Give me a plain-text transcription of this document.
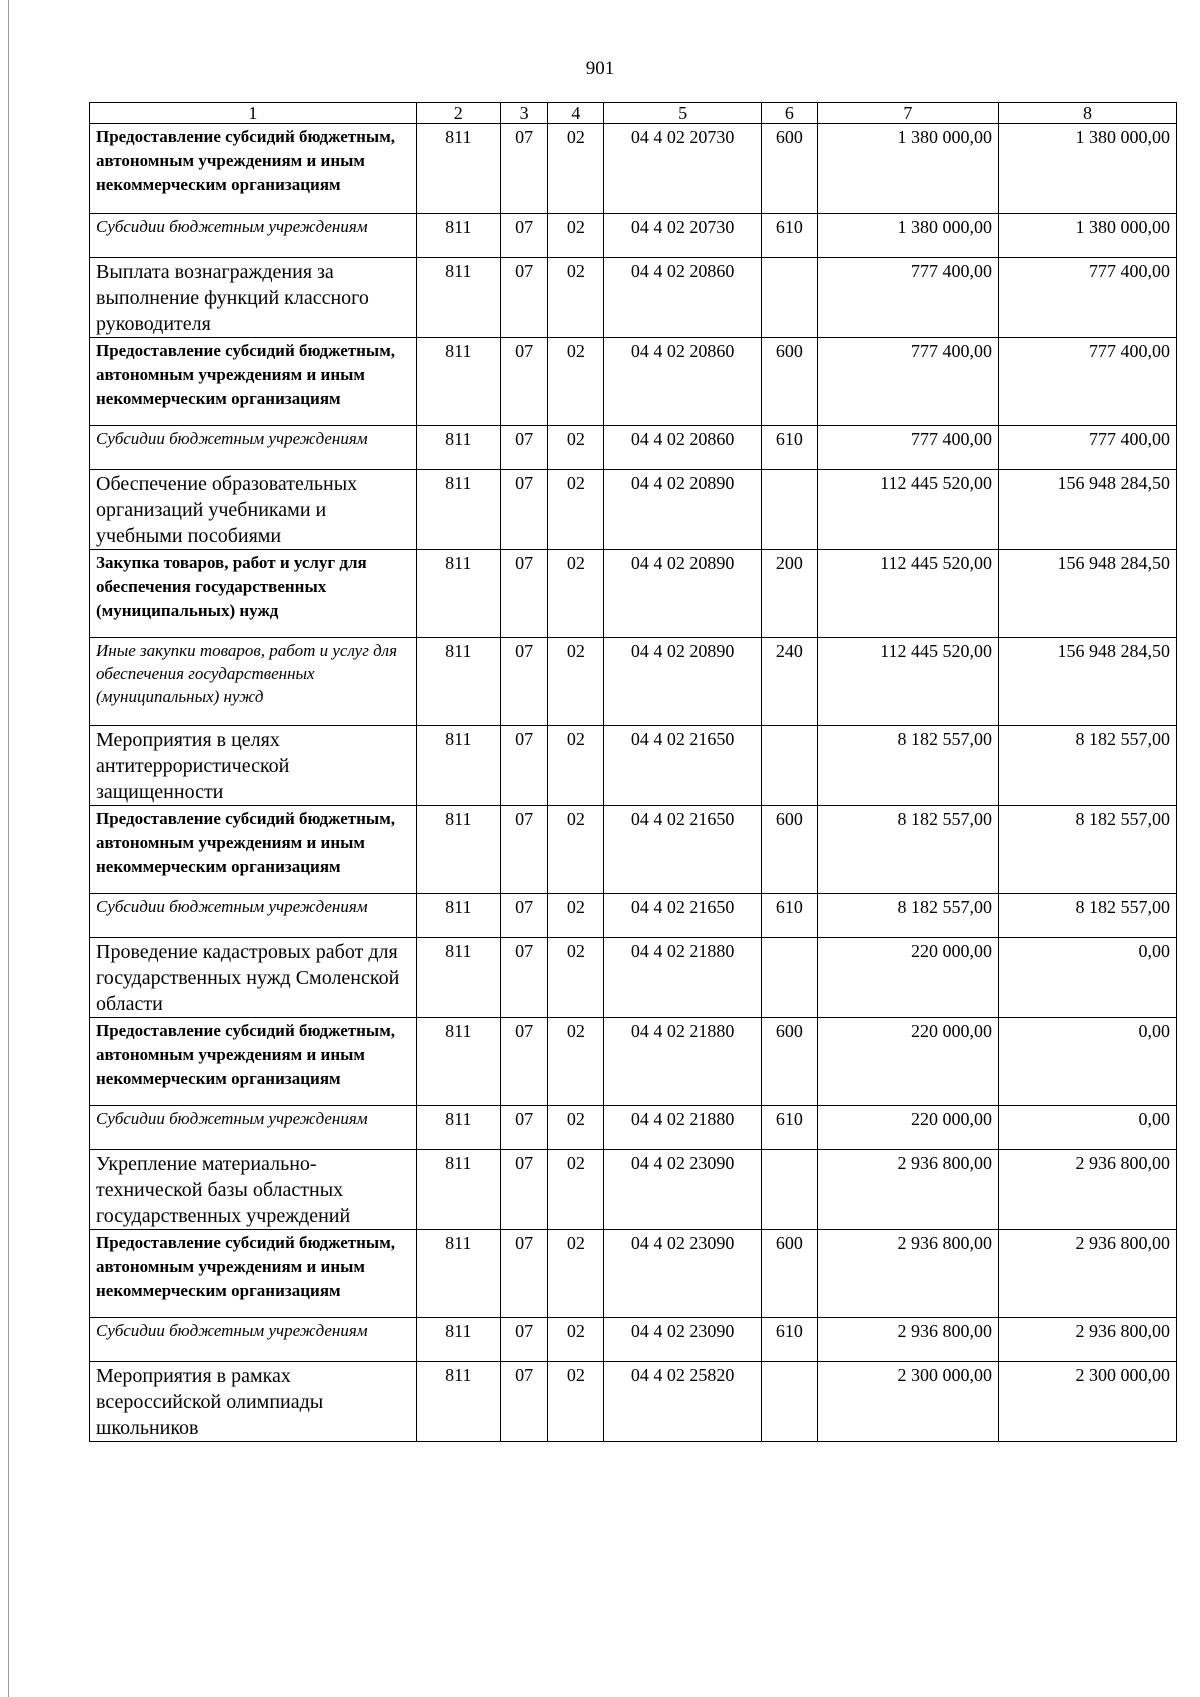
901
1	2	3	4	5	6	7	8
Предоставление субсидий бюджетным, автономным учреждениям и иным некоммерческим организациям	811	07	02	04 4 02 20730	600	1 380 000,00	1 380 000,00
Субсидии бюджетным учреждениям	811	07	02	04 4 02 20730	610	1 380 000,00	1 380 000,00
Выплата вознаграждения за выполнение функций классного руководителя	811	07	02	04 4 02 20860		777 400,00	777 400,00
Предоставление субсидий бюджетным, автономным учреждениям и иным некоммерческим организациям	811	07	02	04 4 02 20860	600	777 400,00	777 400,00
Субсидии бюджетным учреждениям	811	07	02	04 4 02 20860	610	777 400,00	777 400,00
Обеспечение образовательных организаций учебниками и учебными пособиями	811	07	02	04 4 02 20890		112 445 520,00	156 948 284,50
Закупка товаров, работ и услуг для обеспечения государственных (муниципальных) нужд	811	07	02	04 4 02 20890	200	112 445 520,00	156 948 284,50
Иные закупки товаров, работ и услуг для обеспечения государственных (муниципальных) нужд	811	07	02	04 4 02 20890	240	112 445 520,00	156 948 284,50
Мероприятия в целях антитеррористической защищенности	811	07	02	04 4 02 21650		8 182 557,00	8 182 557,00
Предоставление субсидий бюджетным, автономным учреждениям и иным некоммерческим организациям	811	07	02	04 4 02 21650	600	8 182 557,00	8 182 557,00
Субсидии бюджетным учреждениям	811	07	02	04 4 02 21650	610	8 182 557,00	8 182 557,00
Проведение кадастровых работ для государственных нужд Смоленской области	811	07	02	04 4 02 21880		220 000,00	0,00
Предоставление субсидий бюджетным, автономным учреждениям и иным некоммерческим организациям	811	07	02	04 4 02 21880	600	220 000,00	0,00
Субсидии бюджетным учреждениям	811	07	02	04 4 02 21880	610	220 000,00	0,00
Укрепление материально-технической базы областных государственных учреждений	811	07	02	04 4 02 23090		2 936 800,00	2 936 800,00
Предоставление субсидий бюджетным, автономным учреждениям и иным некоммерческим организациям	811	07	02	04 4 02 23090	600	2 936 800,00	2 936 800,00
Субсидии бюджетным учреждениям	811	07	02	04 4 02 23090	610	2 936 800,00	2 936 800,00
Мероприятия в рамках всероссийской олимпиады школьников	811	07	02	04 4 02 25820		2 300 000,00	2 300 000,00
